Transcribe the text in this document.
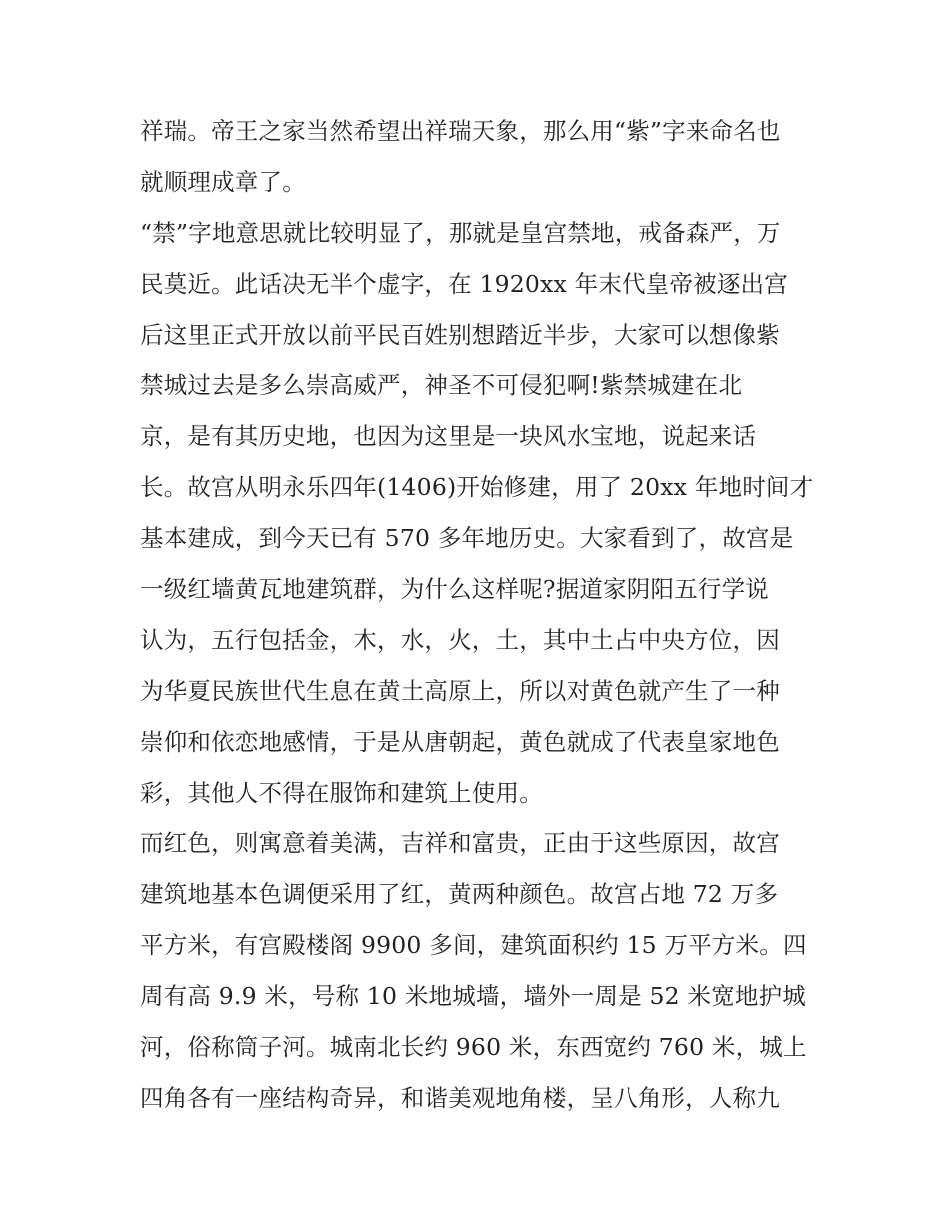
祥瑞。帝王之家当然希望出祥瑞天象，那么用“紫”字来命名也
就顺理成章了。
“禁”字地意思就比较明显了，那就是皇宫禁地，戒备森严，万
民莫近。此话决无半个虚字，在 1920xx 年末代皇帝被逐出宫
后这里正式开放以前平民百姓别想踏近半步，大家可以想像紫
禁城过去是多么崇高威严，神圣不可侵犯啊!紫禁城建在北
京，是有其历史地，也因为这里是一块风水宝地，说起来话
长。故宫从明永乐四年(1406)开始修建，用了 20xx 年地时间才
基本建成，到今天已有 570 多年地历史。大家看到了，故宫是
一级红墙黄瓦地建筑群，为什么这样呢?据道家阴阳五行学说
认为，五行包括金，木，水，火，土，其中土占中央方位，因
为华夏民族世代生息在黄土高原上，所以对黄色就产生了一种
崇仰和依恋地感情，于是从唐朝起，黄色就成了代表皇家地色
彩，其他人不得在服饰和建筑上使用。
而红色，则寓意着美满，吉祥和富贵，正由于这些原因，故宫
建筑地基本色调便采用了红，黄两种颜色。故宫占地 72 万多
平方米，有宫殿楼阁 9900 多间，建筑面积约 15 万平方米。四
周有高 9.9 米，号称 10 米地城墙，墙外一周是 52 米宽地护城
河，俗称筒子河。城南北长约 960 米，东西宽约 760 米，城上
四角各有一座结构奇异，和谐美观地角楼，呈八角形，人称九
